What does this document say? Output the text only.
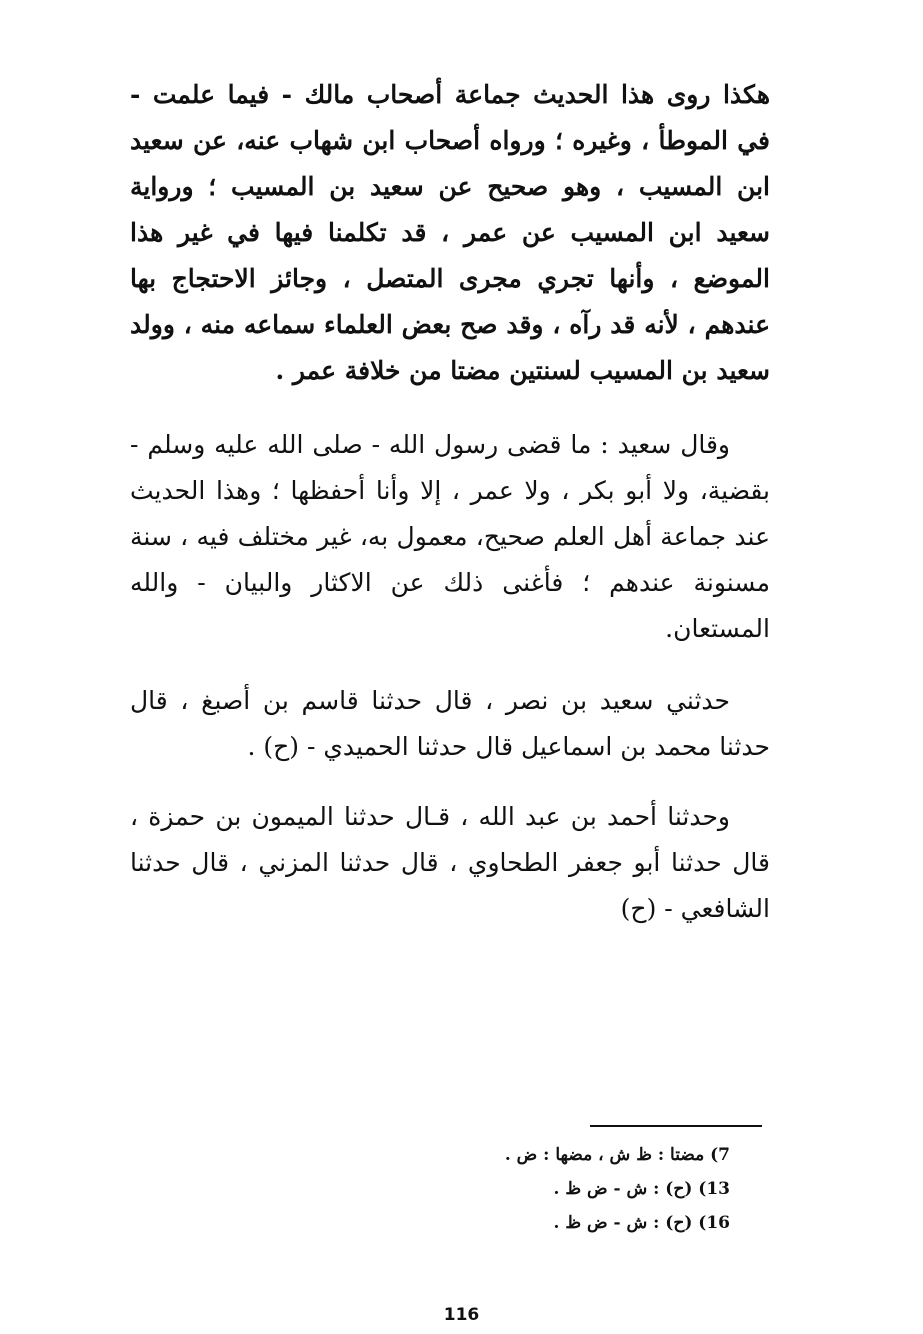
هكذا روى هذا الحديث جماعة أصحاب مالك - فيما علمت - في الموطأ ، وغيره ؛ ورواه أصحاب ابن شهاب عنه، عن سعيد ابن المسيب ، وهو صحيح عن سعيد بن المسيب ؛ ورواية سعيد ابن المسيب عن عمر ، قد تكلمنا فيها في غير هذا الموضع ، وأنها تجري مجرى المتصل ، وجائز الاحتجاج بها عندهم ، لأنه قد رآه ، وقد صح بعض العلماء سماعه منه ، وولد سعيد بن المسيب لسنتين مضتا من خلافة عمر .

وقال سعيد : ما قضى رسول الله - صلى الله عليه وسلم - بقضية، ولا أبو بكر ، ولا عمر ، إلا وأنا أحفظها ؛ وهذا الحديث عند جماعة أهل العلم صحيح، معمول به، غير مختلف فيه ، سنة مسنونة عندهم ؛ فأغنى ذلك عن الاكثار والبيان - والله المستعان.

حدثني سعيد بن نصر ، قال حدثنا قاسم بن أصبغ ، قال حدثنا محمد بن اسماعيل قال حدثنا الحميدي - (ح) .

وحدثنا أحمد بن عبد الله ، قـال حدثنا الميمون بن حمزة ، قال حدثنا أبو جعفر الطحاوي ، قال حدثنا المزني ، قال حدثنا الشافعي - (ح)

7) مضتا : ظ ش ، مضها : ض .
13) (ح) : ش - ض ظ .
16) (ح) : ش - ض ظ .
116
